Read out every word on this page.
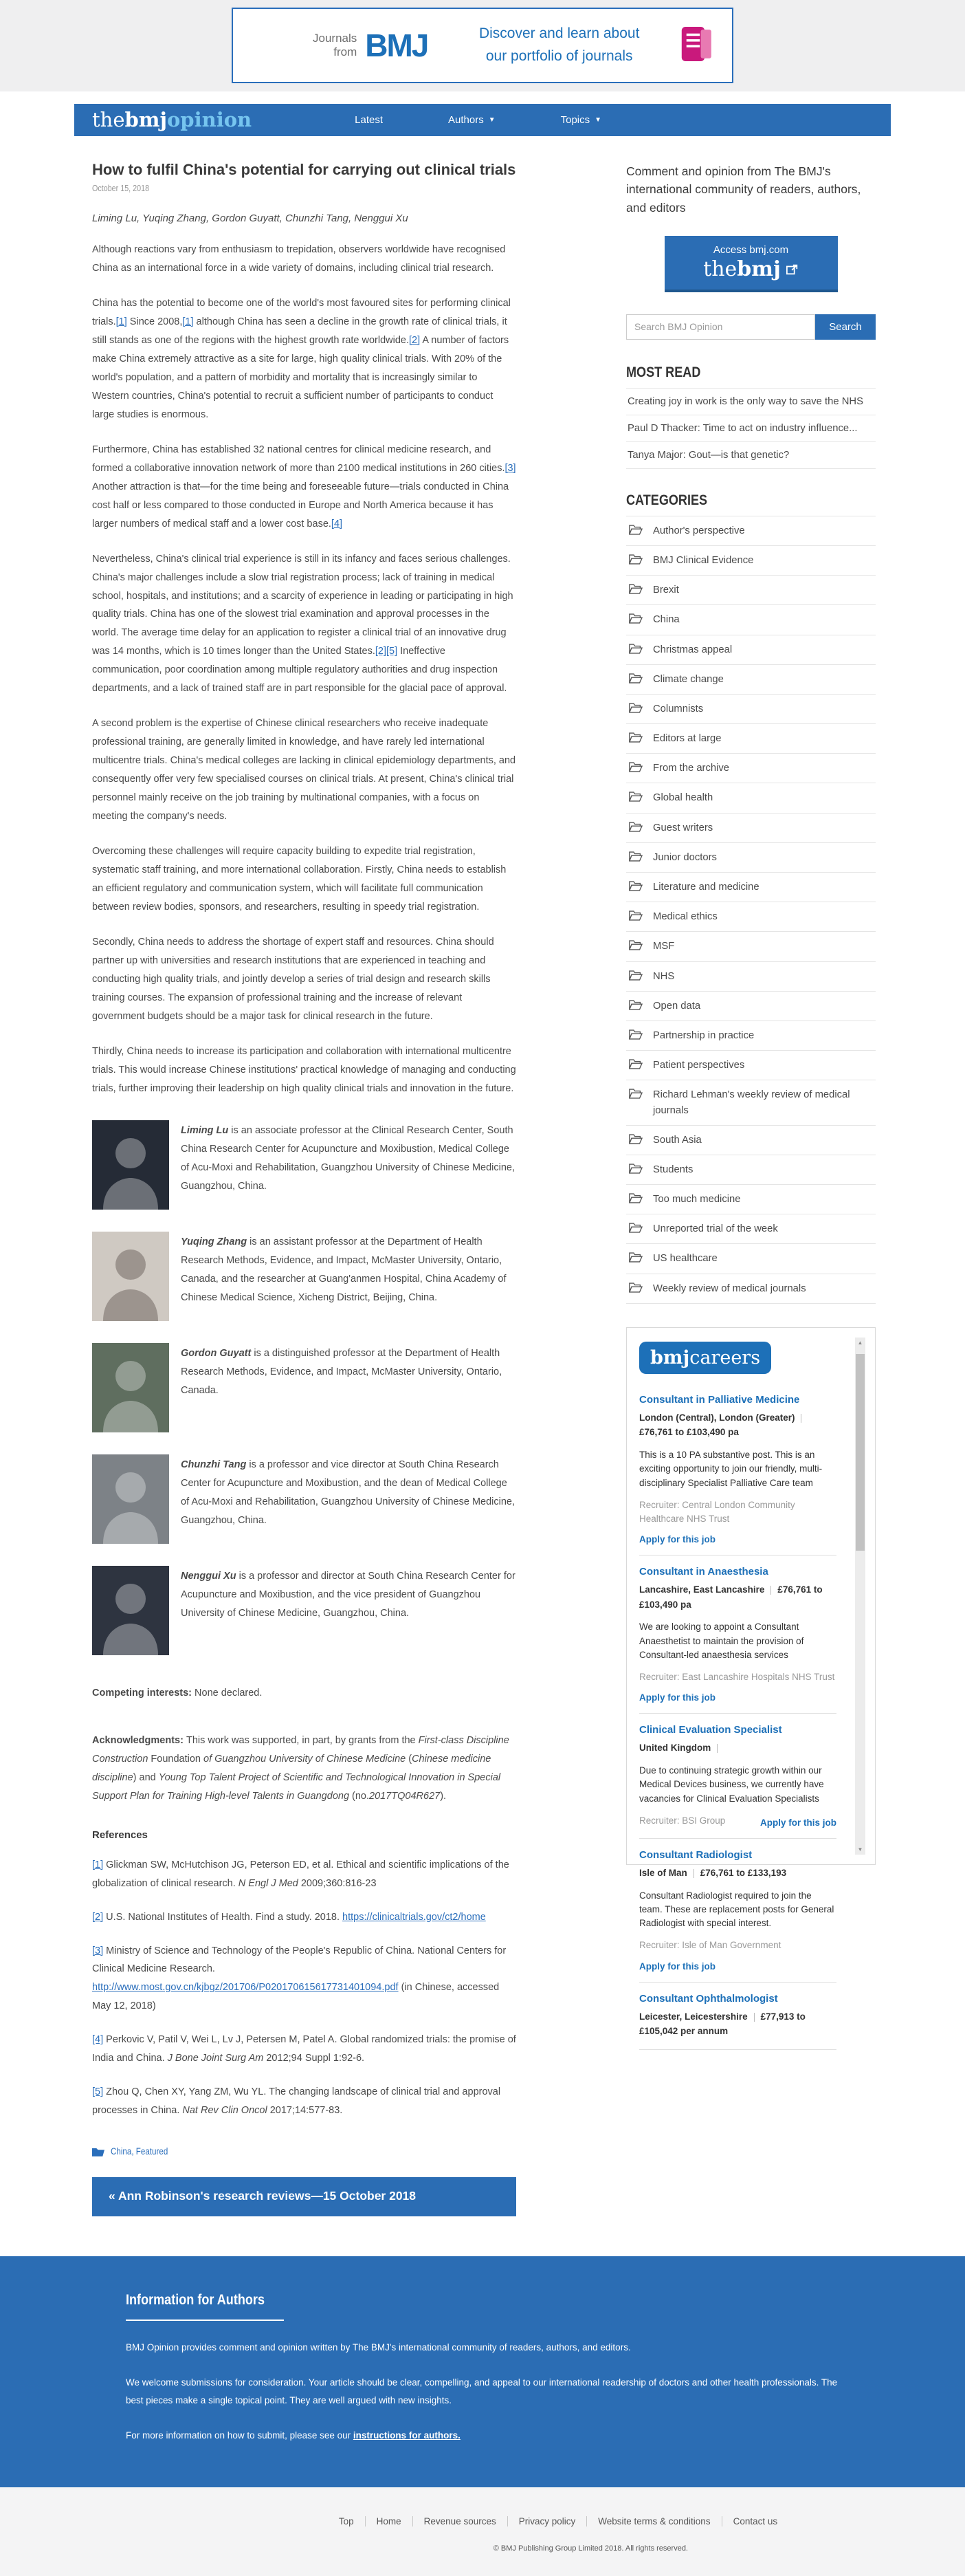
Journals
from BMJ	Discover and learn about
our portfolio of journals
thebmjopinion	Latest	Authors ▼	Topics ▼
How to fulfil China's potential for carrying out clinical trials
October 15, 2018
Liming Lu, Yuqing Zhang, Gordon Guyatt, Chunzhi Tang, Nenggui Xu

Although reactions vary from enthusiasm to trepidation, observers worldwide have recognised China as an international force in a wide variety of domains, including clinical trial research.

China has the potential to become one of the world's most favoured sites for performing clinical trials.[1] Since 2008,[1] although China has seen a decline in the growth rate of clinical trials, it still stands as one of the regions with the highest growth rate worldwide.[2] A number of factors make China extremely attractive as a site for large, high quality clinical trials. With 20% of the world's population, and a pattern of morbidity and mortality that is increasingly similar to Western countries, China's potential to recruit a sufficient number of participants to conduct large studies is enormous.

Furthermore, China has established 32 national centres for clinical medicine research, and formed a collaborative innovation network of more than 2100 medical institutions in 260 cities.[3] Another attraction is that—for the time being and foreseeable future—trials conducted in China cost half or less compared to those conducted in Europe and North America because it has larger numbers of medical staff and a lower cost base.[4]

Nevertheless, China's clinical trial experience is still in its infancy and faces serious challenges. China's major challenges include a slow trial registration process; lack of training in medical school, hospitals, and institutions; and a scarcity of experience in leading or participating in high quality trials. China has one of the slowest trial examination and approval processes in the world. The average time delay for an application to register a clinical trial of an innovative drug was 14 months, which is 10 times longer than the United States.[2][5] Ineffective communication, poor coordination among multiple regulatory authorities and drug inspection departments, and a lack of trained staff are in part responsible for the glacial pace of approval.

A second problem is the expertise of Chinese clinical researchers who receive inadequate professional training, are generally limited in knowledge, and have rarely led international multicentre trials. China's medical colleges are lacking in clinical epidemiology departments, and consequently offer very few specialised courses on clinical trials. At present, China's clinical trial personnel mainly receive on the job training by multinational companies, with a focus on meeting the company's needs.

Overcoming these challenges will require capacity building to expedite trial registration, systematic staff training, and more international collaboration. Firstly, China needs to establish an efficient regulatory and communication system, which will facilitate full communication between review bodies, sponsors, and researchers, resulting in speedy trial registration.

Secondly, China needs to address the shortage of expert staff and resources. China should partner up with universities and research institutions that are experienced in teaching and conducting high quality trials, and jointly develop a series of trial design and research skills training courses. The expansion of professional training and the increase of relevant government budgets should be a major task for clinical research in the future.

Thirdly, China needs to increase its participation and collaboration with international multicentre trials. This would increase Chinese institutions' practical knowledge of managing and conducting trials, further improving their leadership on high quality clinical trials and innovation in the future.

Liming Lu is an associate professor at the Clinical Research Center, South China Research Center for Acupuncture and Moxibustion, Medical College of Acu-Moxi and Rehabilitation, Guangzhou University of Chinese Medicine, Guangzhou, China.
Yuqing Zhang is an assistant professor at the Department of Health Research Methods, Evidence, and Impact, McMaster University, Ontario, Canada, and the researcher at Guang'anmen Hospital, China Academy of Chinese Medical Science, Xicheng District, Beijing, China.
Gordon Guyatt is a distinguished professor at the Department of Health Research Methods, Evidence, and Impact, McMaster University, Ontario, Canada.
Chunzhi Tang is a professor and vice director at South China Research Center for Acupuncture and Moxibustion, and the dean of Medical College of Acu-Moxi and Rehabilitation, Guangzhou University of Chinese Medicine, Guangzhou, China.
Nenggui Xu is a professor and director at South China Research Center for Acupuncture and Moxibustion, and the vice president of Guangzhou University of Chinese Medicine, Guangzhou, China.

Competing interests: None declared.

Acknowledgments: This work was supported, in part, by grants from the First-class Discipline Construction Foundation of Guangzhou University of Chinese Medicine (Chinese medicine discipline) and Young Top Talent Project of Scientific and Technological Innovation in Special Support Plan for Training High-level Talents in Guangdong (no.2017TQ04R627).

References

[1] Glickman SW, McHutchison JG, Peterson ED, et al. Ethical and scientific implications of the globalization of clinical research. N Engl J Med 2009;360:816-23

[2] U.S. National Institutes of Health. Find a study. 2018. https://clinicaltrials.gov/ct2/home

[3] Ministry of Science and Technology of the People's Republic of China. National Centers for Clinical Medicine Research. http://www.most.gov.cn/kjbgz/201706/P020170615617731401094.pdf (in Chinese, accessed May 12, 2018)

[4] Perkovic V, Patil V, Wei L, Lv J, Petersen M, Patel A. Global randomized trials: the promise of India and China. J Bone Joint Surg Am 2012;94 Suppl 1:92-6.

[5] Zhou Q, Chen XY, Yang ZM, Wu YL. The changing landscape of clinical trial and approval processes in China. Nat Rev Clin Oncol 2017;14:577-83.

China, Featured
« Ann Robinson's research reviews—15 October 2018
Comment and opinion from The BMJ's international community of readers, authors, and editors
Access bmj.com
thebmj
Search BMJ Opinion
Search
MOST READ
Creating joy in work is the only way to save the NHS
Paul D Thacker: Time to act on industry influence...
Tanya Major: Gout—is that genetic?
CATEGORIES
Author's perspective
BMJ Clinical Evidence
Brexit
China
Christmas appeal
Climate change
Columnists
Editors at large
From the archive
Global health
Guest writers
Junior doctors
Literature and medicine
Medical ethics
MSF
NHS
Open data
Partnership in practice
Patient perspectives
Richard Lehman's weekly review of medical journals
South Asia
Students
Too much medicine
Unreported trial of the week
US healthcare
Weekly review of medical journals
bmjcareers
Consultant in Palliative Medicine
London (Central), London (Greater)£76,761 to £103,490 pa
This is a 10 PA substantive post. This is an exciting opportunity to join our friendly, multi-disciplinary Specialist Palliative Care team
Recruiter: Central London Community Healthcare NHS Trust
Apply for this job
Consultant in Anaesthesia
Lancashire, East Lancashire £76,761 to £103,490 pa
We are looking to appoint a Consultant Anaesthetist to maintain the provision of Consultant-led anaesthesia services
Recruiter: East Lancashire Hospitals NHS Trust
Apply for this job
Clinical Evaluation Specialist
United Kingdom
Due to continuing strategic growth within our Medical Devices business, we currently have vacancies for Clinical Evaluation Specialists
Recruiter: BSI Group	Apply for this job
Consultant Radiologist
Isle of Man £76,761 to £133,193
Consultant Radiologist required to join the team. These are replacement posts for General Radiologist with special interest.
Recruiter: Isle of Man Government
Apply for this job
Consultant Ophthalmologist
Leicester, Leicestershire £77,913 to £105,042 per annum
▲
▼
Information for Authors

BMJ Opinion provides comment and opinion written by The BMJ's international community of readers, authors, and editors.

We welcome submissions for consideration. Your article should be clear, compelling, and appeal to our international readership of doctors and other health professionals. The best pieces make a single topical point. They are well argued with new insights.

For more information on how to submit, please see our instructions for authors.

Top	Home	Revenue sources	Privacy policy	Website terms & conditions	Contact us
© BMJ Publishing Group Limited 2018. All rights reserved.
